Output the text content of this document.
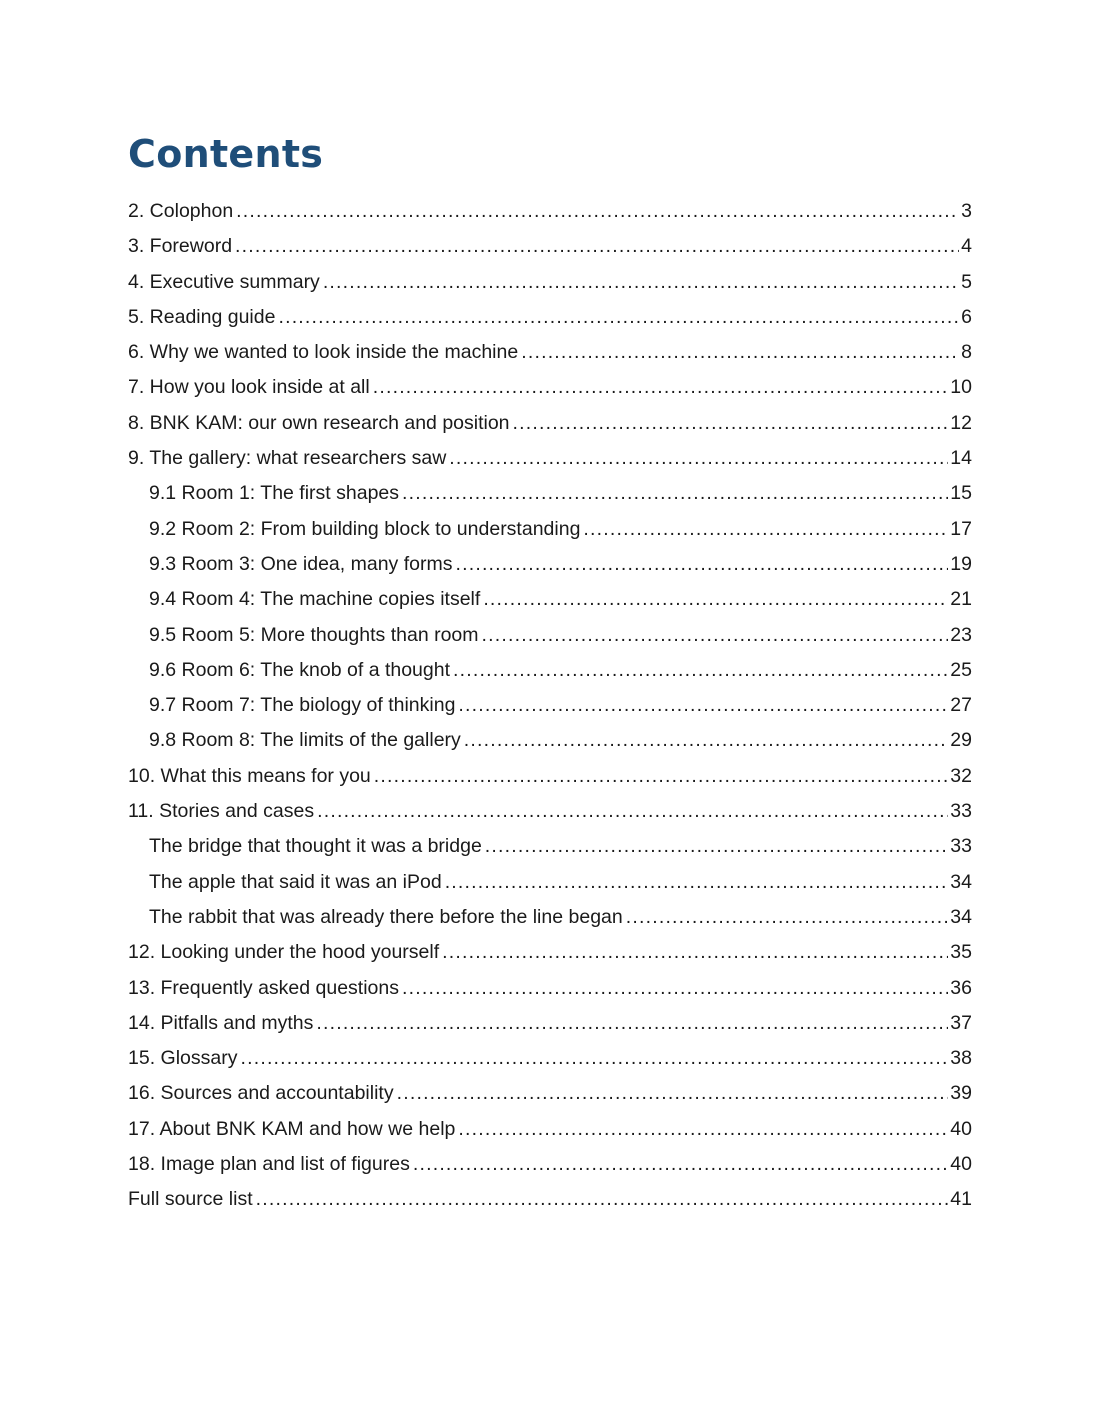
Contents
2. Colophon .....	3
3. Foreword .....	4
4. Executive summary .....	5
5. Reading guide .....	6
6. Why we wanted to look inside the machine .....	8
7. How you look inside at all .....	10
8. BNK KAM: our own research and position .....	12
9. The gallery: what researchers saw .....	14
9.1 Room 1: The first shapes .....	15
9.2 Room 2: From building block to understanding .....	17
9.3 Room 3: One idea, many forms .....	19
9.4 Room 4: The machine copies itself .....	21
9.5 Room 5: More thoughts than room .....	23
9.6 Room 6: The knob of a thought .....	25
9.7 Room 7: The biology of thinking .....	27
9.8 Room 8: The limits of the gallery .....	29
10. What this means for you .....	32
11. Stories and cases .....	33
The bridge that thought it was a bridge .....	33
The apple that said it was an iPod .....	34
The rabbit that was already there before the line began .....	34
12. Looking under the hood yourself .....	35
13. Frequently asked questions .....	36
14. Pitfalls and myths .....	37
15. Glossary .....	38
16. Sources and accountability .....	39
17. About BNK KAM and how we help .....	40
18. Image plan and list of figures .....	40
Full source list .....	41
